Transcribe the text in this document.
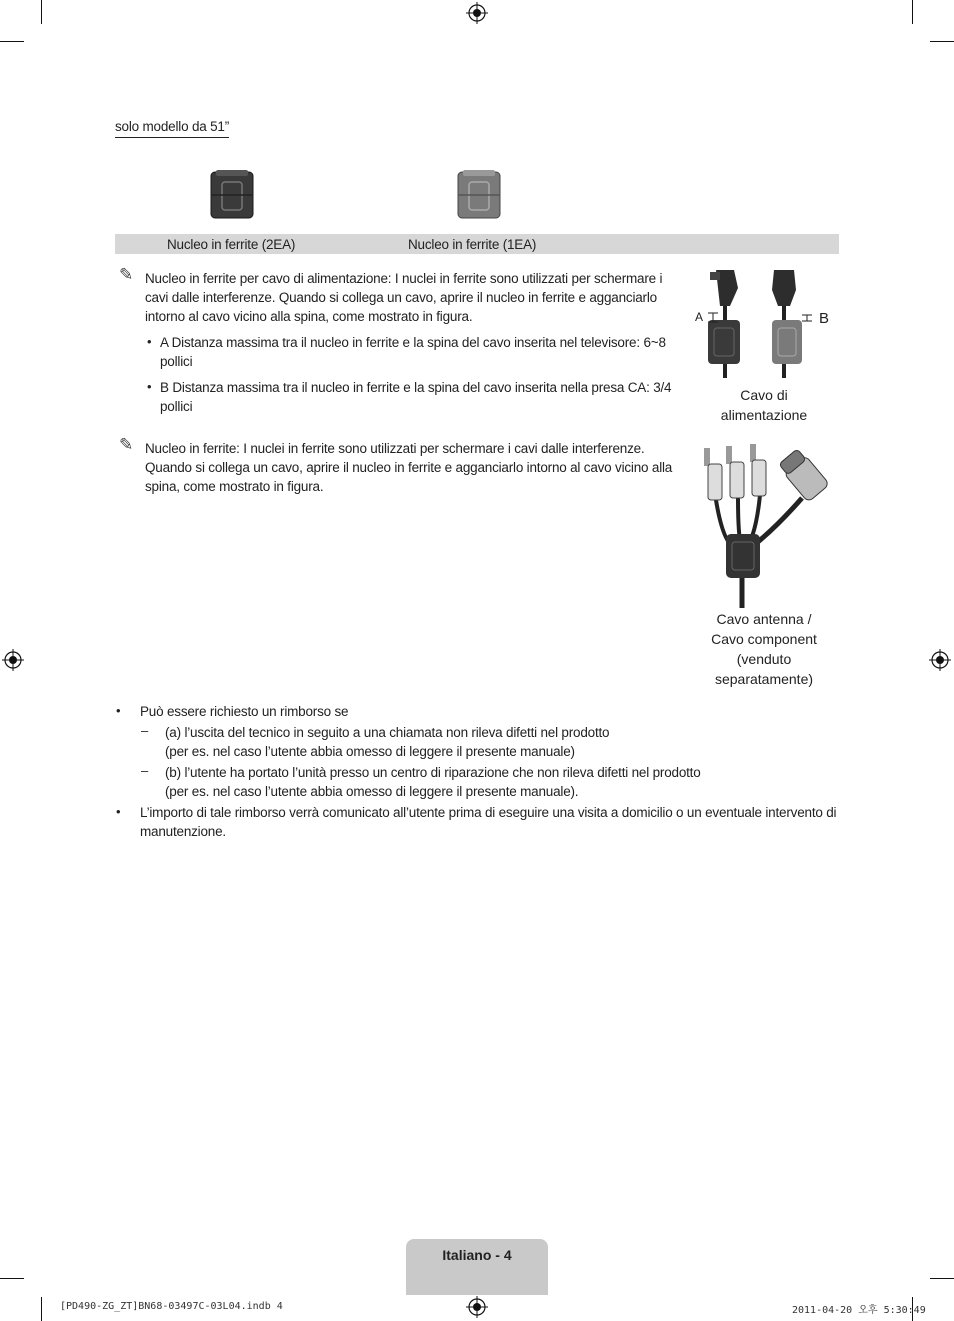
solo modello da 51”
Nucleo in ferrite (2EA)	Nucleo in ferrite (1EA)
✎ Nucleo in ferrite per cavo di alimentazione: I nuclei in ferrite sono utilizzati per schermare i cavi dalle interferenze. Quando si collega un cavo, aprire il nucleo in ferrite e agganciarlo intorno al cavo vicino alla spina, come mostrato in figura.
• A Distanza massima tra il nucleo in ferrite e la spina del cavo inserita nel televisore: 6~8 pollici
• B Distanza massima tra il nucleo in ferrite e la spina del cavo inserita nella presa CA: 3/4 pollici
A	B
Cavo di alimentazione
✎ Nucleo in ferrite: I nuclei in ferrite sono utilizzati per schermare i cavi dalle interferenze. Quando si collega un cavo, aprire il nucleo in ferrite e agganciarlo intorno al cavo vicino alla spina, come mostrato in figura.
Cavo antenna / Cavo component
(venduto separatamente)
• Può essere richiesto un rimborso se
– (a) l’uscita del tecnico in seguito a una chiamata non rileva difetti nel prodotto
(per es. nel caso l’utente abbia omesso di leggere il presente manuale)
– (b) l’utente ha portato l’unità presso un centro di riparazione che non rileva difetti nel prodotto
(per es. nel caso l’utente abbia omesso di leggere il presente manuale).
• L’importo di tale rimborso verrà comunicato all’utente prima di eseguire una visita a domicilio o un eventuale intervento di manutenzione.
Italiano - 4
[PD490-ZG_ZT]BN68-03497C-03L04.indb 4	2011-04-20 오후 5:30:49
